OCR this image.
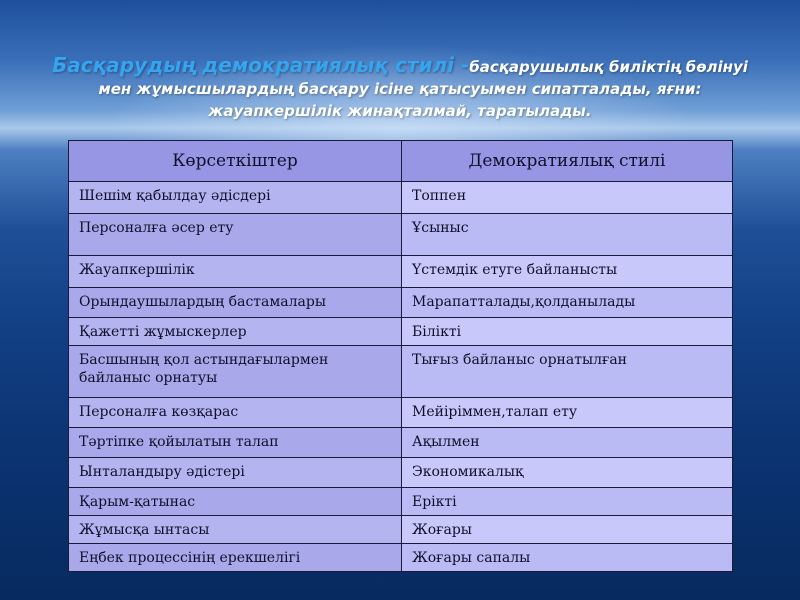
Басқарудың демократиялық стилі -басқарушылық биліктің бөлінуі мен жұмысшылардың басқару ісіне қатысуымен сипатталады, яғни: жауапкершілік жинақталмай, таратылады.
Көрсеткіштер	Демократиялық стилі
Шешім қабылдау әдісдері	Топпен
Персоналға әсер ету	Ұсыныс
Жауапкершілік	Үстемдік етуге байланысты
Орындаушылардың бастамалары	Марапатталады,қолданылады
Қажетті жұмыскерлер	Білікті
Басшының қол астындағылармен байланыс орнатуы	Тығыз байланыс орнатылған
Персоналға көзқарас	Мейіріммен,талап ету
Тәртіпке қойылатын талап	Ақылмен
Ынталандыру әдістері	Экономикалық
Қарым-қатынас	Ерікті
Жұмысқа ынтасы	Жоғары
Еңбек процессінің ерекшелігі	Жоғары сапалы
